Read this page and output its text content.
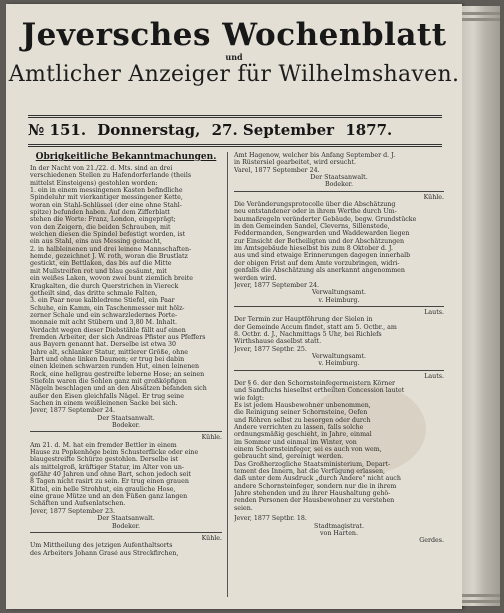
Jeversches Wochenblatt
und
Amtlicher Anzeiger für Wilhelmshaven.
№ 151. Donnerstag, 27. September 1877.
Obrigkeitliche Bekanntmachungen.
In der Nacht von 21./22. d. Mts. sind an drei
verschiedenen Stellen zu Hafendorferlande (theils
mittelst Einsteigens) gestohlen worden:
1. ein in einem messingenen Kasten befindliche
Spindeluhr mit vierkantiger messingener Kette,
woran ein Stahl-Schlüssel (der eine ohne Stahl-
spitze) befunden haben. Auf dem Zifferblatt
stehen die Worte: Franz, London, eingeprägt;
von den Zeigern, die beiden Schrauben, mit
welchen diesen die Spindel befestigt worden, ist
ein aus Stahl, eins aus Messing gemacht,
2. in halbleinenen und drei leinene Mannschaften-
hemde, gezeichnet J. W. roth, woran die Brustlatz
gestickt, ein Bettlaken, das bis auf die Mitte
mit Mullstreifen rot und blau gesäumt, mit
ein weißes Laken, wovon zwei bunt ziemlich breite
Kragkalten, die durch Querstrichen in Viereck
getheilt sind, das dritte schmale Falten,
3. ein Paar neue kalbledrene Stiefel, ein Paar
Schuhe, ein Kamm, ein Taschenmesser mit hölz-
zerner Schale und ein schwarzledernes Porte-
monnaie mit acht Stübern und 3,80 M. Inhalt.
Verdacht wegen dieser Diebstähle fällt auf einen
fremden Arbeiter, der sich Andreas Pfister aus Pfeffers
aus Bayern genannt hat. Derselbe ist etwa 30
Jahre alt, schlanker Statur, mittlerer Größe, ohne
Bart und ohne linken Daumen; er trug bei dabin
einen kleinen schwarzen runden Hut, einen leinenen
Rock, eine hellgrau gestreifte leberne Hose; an seinen
Stiefeln waren die Sohlen ganz mit großköpfigen
Nägeln beschlagen und an den Absätzen befanden sich
außer den Eisen gleichfalls Nägel. Er trug seine
Sachen in einem weißleinenen Sacke bei sich.
Jever, 1877 September 24.
Der Staatsanwalt.
Bodeker.
Kühle.
Am 21. d. M. hat ein fremder Bettler in einem
Hause zu Popkenhöge beim Schusterflicke oder eine
blaugestreifte Schürze gestohlen. Derselbe ist
als mittelgroß, kräftiger Statur, im Alter von un-
gefähr 40 Jahren und ohne Bart, schon jedoch seit
8 Tagen nicht rasirt zu sein. Er trug einen grauen
Kittel, ein helle Strohhut, ein grauliche Hose,
eine graue Mütze und an den Füßen ganz langen
Schäften und Aufsenlatschen.
Jever, 1877 September 23.
Der Staatsanwalt.
Bodeker.
Kühle.
Um Mittheilung des jetzigen Aufenthaltsorts
des Arbeiters Johann Grasé aus Streckfirchen,
Amt Hagenow, welcher bis Anfang September d. J.
in Rüstersiel gearbeitet, wird ersucht.
Varel, 1877 September 24.
Der Staatsanwalt.
Bodeker.
Kühle.
Die Veränderungsprotocolle über die Abschätzung
neu entstandener oder in ihrem Werthe durch Um-
baumaßregeln veränderter Gebäude, begw. Grundstücke
in den Gemeinden Sandel, Cleverns, Sillenstede,
Feddermanden, Sengwarden und Waddewarden liegen
zur Einsicht der Betheiligten und der Abschätzungen
im Amtsgebäude hieselbst bis zum 8 Oktober d. J.
aus und sind etwaige Erinnerungen dagegen innerhalb
der obigen Frist auf dem Amte vorzubringen, widri-
genfalls die Abschätzung als anerkannt angenommen
werden wird.
Jever, 1877 September 24.
Verwaltungsamt.
v. Heimburg.
Lauts.
Der Termin zur Hauptföhrung der Sielen in
der Gemeinde Accum findet, statt am 5. Octbr., am
8. Octbr. d. J., Nachmittags 5 Uhr, bei Richlefs
Wirthshause daselbst statt.
Jever, 1877 Septbr. 25.
Verwaltungsamt.
v. Heimburg.
Lauts.
Der § 6. der den Schornsteinfegermeistern Körner
und Sandfuchs hieselbst ertheilten Concession lautet
wie folgt:
Es ist jedem Hausbewohner unbenommen,
die Reinigung seiner Schornsteine, Oefen
und Röhren selbst zu besorgen oder durch
Andere verrichten zu lassen, falls solche
ordnungsmäßig geschieht, in Jahre, einmal
im Sommer und einmal im Winter, von
einem Schornsteinfeger, sei es auch von wem,
gebraucht sind, gereinigt werden.
Das Großherzogliche Staatsministerium, Depart-
tement des Innern, hat die Verfügung erlassen,
daß unter dem Ausdruck „durch Andere" nicht auch
andere Schornsteinfeger, sondern nur die in ihrem
Jahre stehenden und zu ihrer Haushaltung gehö-
renden Personen der Hausbewohner zu verstehen
seien.
Jever, 1877 Septbr. 18.
Stadtmagistrat.
von Harten.
Gerdes.
